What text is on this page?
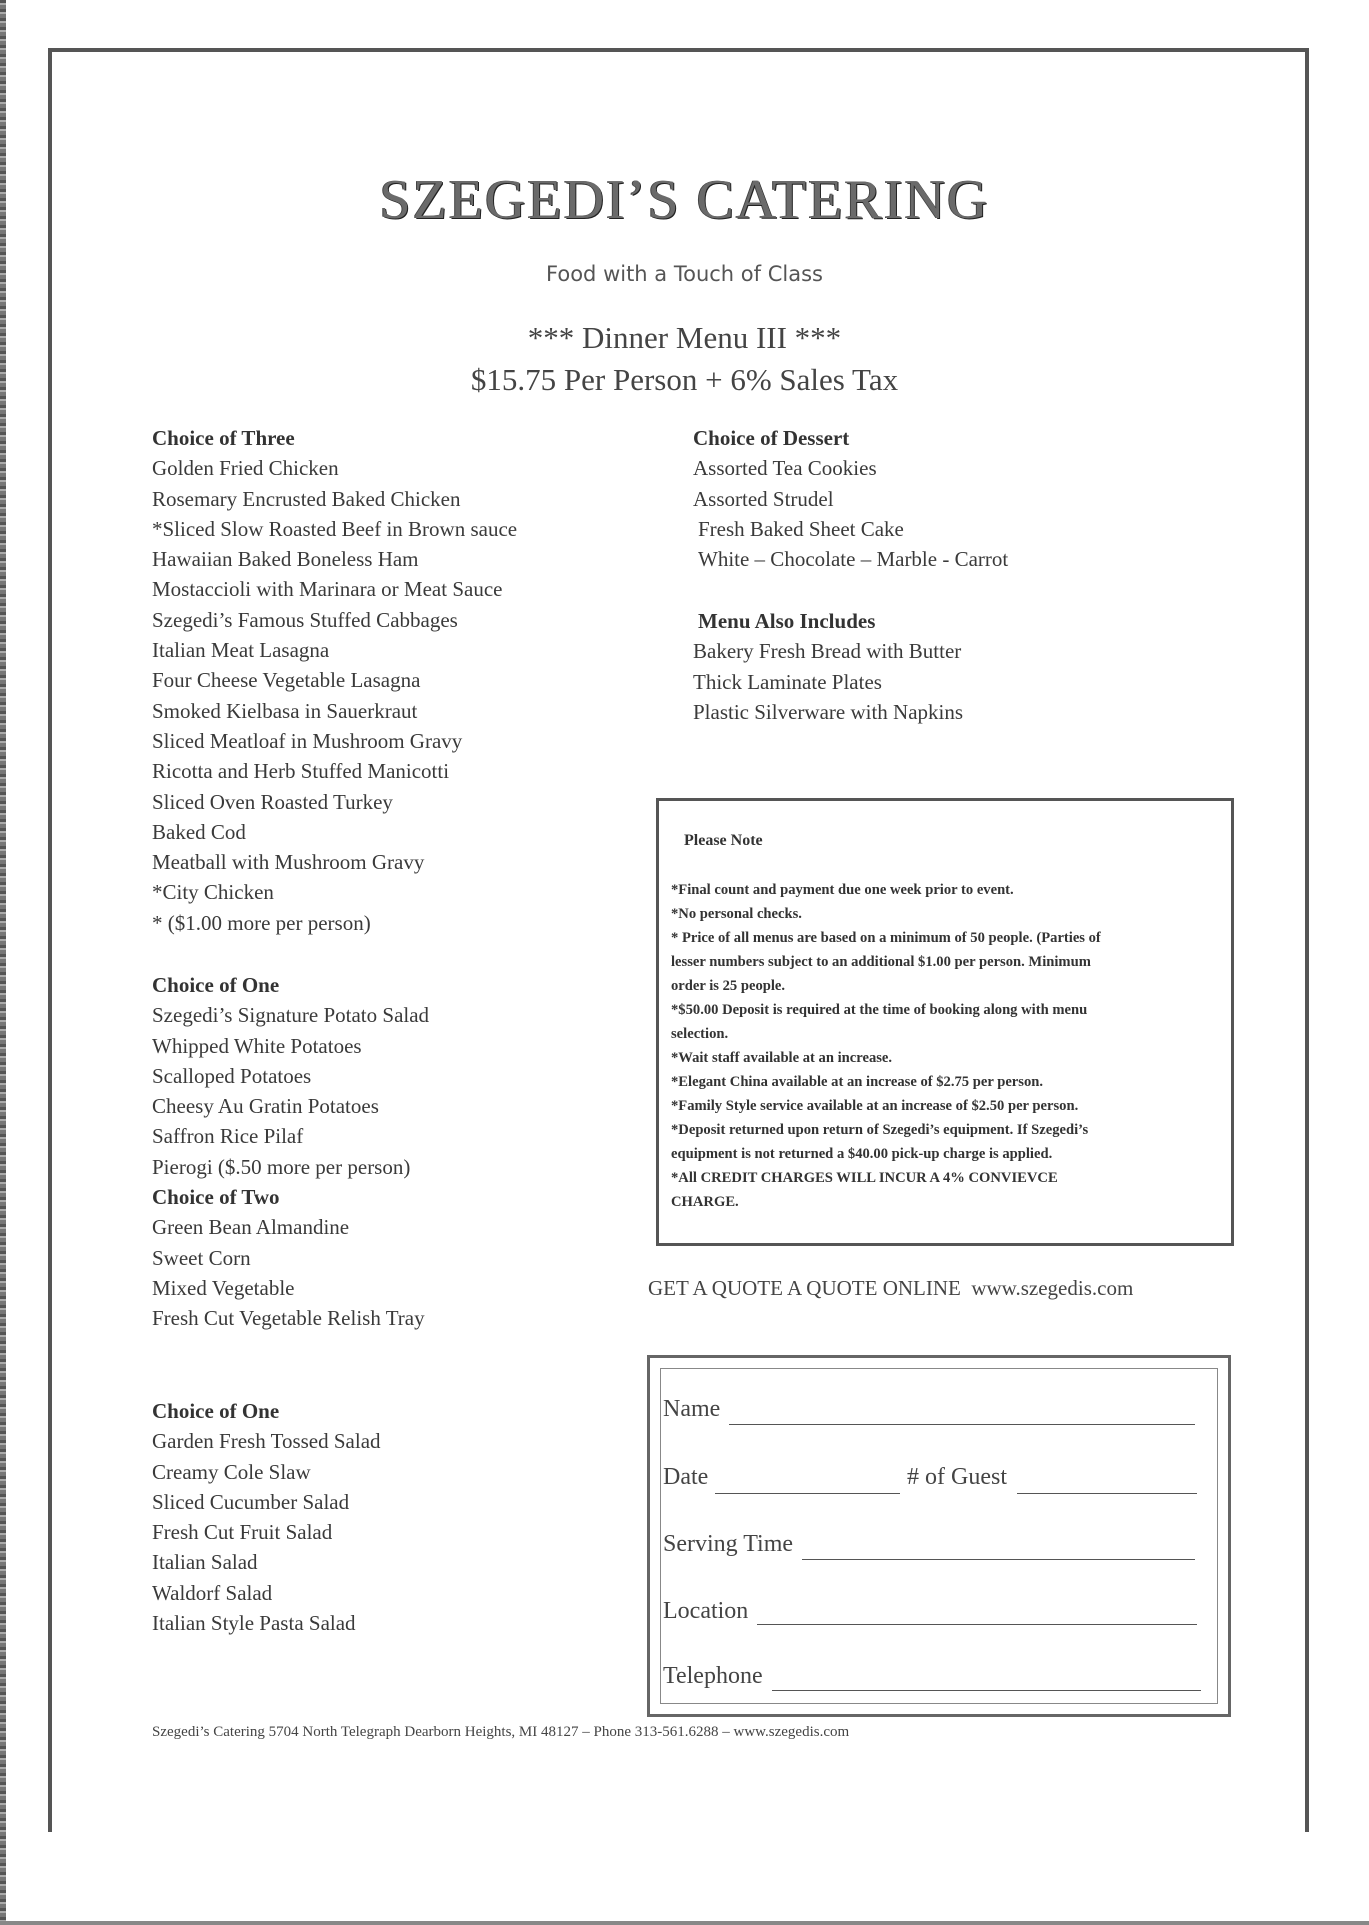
SZEGEDI’S CATERING
Food with a Touch of Class
*** Dinner Menu III ***
$15.75 Per Person + 6% Sales Tax
Choice of Three
Golden Fried Chicken
Rosemary Encrusted Baked Chicken
*Sliced Slow Roasted Beef in Brown sauce
Hawaiian Baked Boneless Ham
Mostaccioli with Marinara or Meat Sauce
Szegedi’s Famous Stuffed Cabbages
Italian Meat Lasagna
Four Cheese Vegetable Lasagna
Smoked Kielbasa in Sauerkraut
Sliced Meatloaf in Mushroom Gravy
Ricotta and Herb Stuffed Manicotti
Sliced Oven Roasted Turkey
Baked Cod
Meatball with Mushroom Gravy
*City Chicken
* ($1.00 more per person)
Choice of One
Szegedi’s Signature Potato Salad
Whipped White Potatoes
Scalloped Potatoes
Cheesy Au Gratin Potatoes
Saffron Rice Pilaf
Pierogi ($.50 more per person)
Choice of Two
Green Bean Almandine
Sweet Corn
Mixed Vegetable
Fresh Cut Vegetable Relish Tray
Choice of One
Garden Fresh Tossed Salad
Creamy Cole Slaw
Sliced Cucumber Salad
Fresh Cut Fruit Salad
Italian Salad
Waldorf Salad
Italian Style Pasta Salad
Choice of Dessert
Assorted Tea Cookies
Assorted Strudel
Fresh Baked Sheet Cake
White – Chocolate – Marble - Carrot
Menu Also Includes
Bakery Fresh Bread with Butter
Thick Laminate Plates
Plastic Silverware with Napkins
Please Note
*Final count and payment due one week prior to event.
*No personal checks.
* Price of all menus are based on a minimum of 50 people. (Parties of
lesser numbers subject to an additional $1.00 per person. Minimum
order is 25 people.
*$50.00 Deposit is required at the time of booking along with menu
selection.
*Wait staff available at an increase.
*Elegant China available at an increase of $2.75 per person.
*Family Style service available at an increase of $2.50 per person.
*Deposit returned upon return of Szegedi’s equipment. If Szegedi’s
equipment is not returned a $40.00 pick-up charge is applied.
*All CREDIT CHARGES WILL INCUR A 4% CONVIEVCE
CHARGE.
GET A QUOTE A QUOTE ONLINE www.szegedis.com
Name
Date	# of Guest
Serving Time
Location
Telephone
Szegedi’s Catering 5704 North Telegraph Dearborn Heights, MI 48127 – Phone 313-561.6288 – www.szegedis.com
